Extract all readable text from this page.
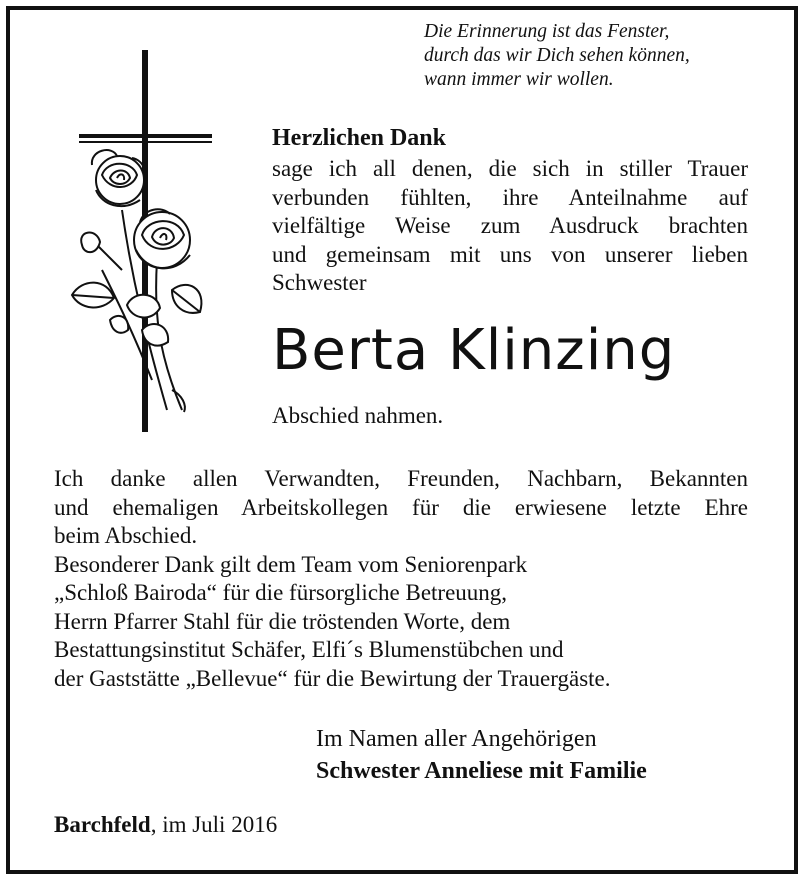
Die Erinnerung ist das Fenster,
durch das wir Dich sehen können,
wann immer wir wollen.
Herzlichen Dank
sage ich all denen, die sich in stiller Trauer
verbunden fühlten, ihre Anteilnahme auf
vielfältige Weise zum Ausdruck brachten
und gemeinsam mit uns von unserer lieben
Schwester
Berta Klinzing
Abschied nahmen.
Ich danke allen Verwandten, Freunden, Nachbarn, Bekannten
und ehemaligen Arbeitskollegen für die erwiesene letzte Ehre
beim Abschied.
Besonderer Dank gilt dem Team vom Seniorenpark
„Schloß Bairoda“ für die fürsorgliche Betreuung,
Herrn Pfarrer Stahl für die tröstenden Worte, dem
Bestattungsinstitut Schäfer, Elfi´s Blumenstübchen und
der Gaststätte „Bellevue“ für die Bewirtung der Trauergäste.
Im Namen aller Angehörigen
Schwester Anneliese mit Familie
Barchfeld, im Juli 2016
